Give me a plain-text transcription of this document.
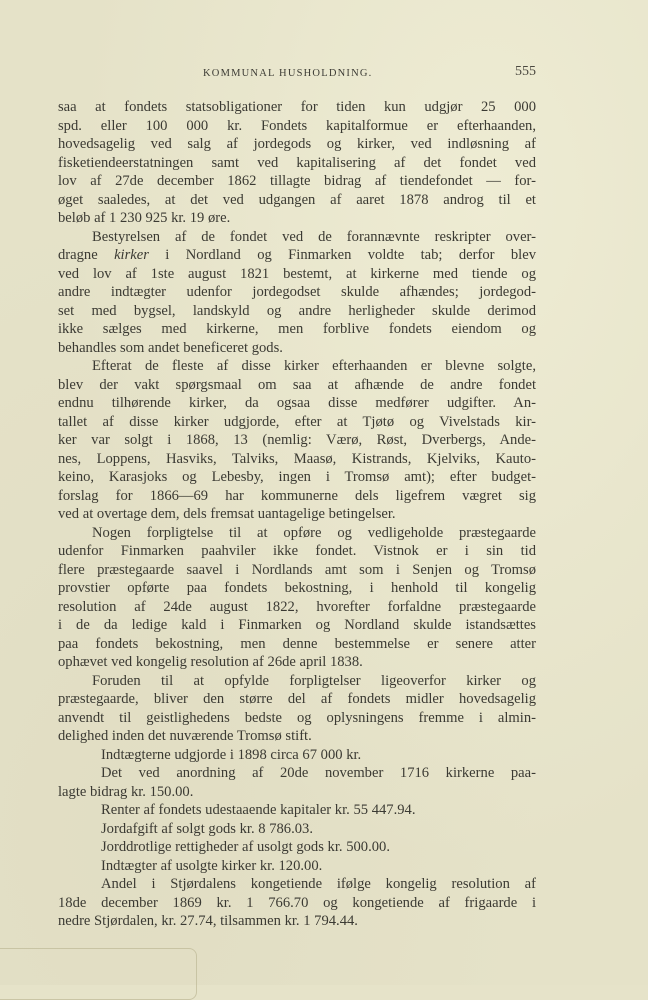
KOMMUNAL HUSHOLDNING.	555
saa at fondets statsobligationer for tiden kun udgjør 25 000
spd. eller 100 000 kr. Fondets kapitalformue er efterhaanden,
hovedsagelig ved salg af jordegods og kirker, ved indløsning af
fisketiendeerstatningen samt ved kapitalisering af det fondet ved
lov af 27de december 1862 tillagte bidrag af tiendefondet — for-
øget saaledes, at det ved udgangen af aaret 1878 androg til et
beløb af 1 230 925 kr. 19 øre.
Bestyrelsen af de fondet ved de forannævnte reskripter over-
dragne kirker i Nordland og Finmarken voldte tab; derfor blev
ved lov af 1ste august 1821 bestemt, at kirkerne med tiende og
andre indtægter udenfor jordegodset skulde afhændes; jordegod-
set med bygsel, landskyld og andre herligheder skulde derimod
ikke sælges med kirkerne, men forblive fondets eiendom og
behandles som andet beneficeret gods.
Efterat de fleste af disse kirker efterhaanden er blevne solgte,
blev der vakt spørgsmaal om saa at afhænde de andre fondet
endnu tilhørende kirker, da ogsaa disse medfører udgifter. An-
tallet af disse kirker udgjorde, efter at Tjøtø og Vivelstads kir-
ker var solgt i 1868, 13 (nemlig: Værø, Røst, Dverbergs, Ande-
nes, Loppens, Hasviks, Talviks, Maasø, Kistrands, Kjelviks, Kauto-
keino, Karasjoks og Lebesby, ingen i Tromsø amt); efter budget-
forslag for 1866—69 har kommunerne dels ligefrem vægret sig
ved at overtage dem, dels fremsat uantagelige betingelser.
Nogen forpligtelse til at opføre og vedligeholde præstegaarde
udenfor Finmarken paahviler ikke fondet. Vistnok er i sin tid
flere præstegaarde saavel i Nordlands amt som i Senjen og Tromsø
provstier opførte paa fondets bekostning, i henhold til kongelig
resolution af 24de august 1822, hvorefter forfaldne præstegaarde
i de da ledige kald i Finmarken og Nordland skulde istandsættes
paa fondets bekostning, men denne bestemmelse er senere atter
ophævet ved kongelig resolution af 26de april 1838.
Foruden til at opfylde forpligtelser ligeoverfor kirker og
præstegaarde, bliver den større del af fondets midler hovedsagelig
anvendt til geistlighedens bedste og oplysningens fremme i almin-
delighed inden det nuværende Tromsø stift.
Indtægterne udgjorde i 1898 circa 67 000 kr.
Det ved anordning af 20de november 1716 kirkerne paa-
lagte bidrag kr. 150.00.
Renter af fondets udestaaende kapitaler kr. 55 447.94.
Jordafgift af solgt gods kr. 8 786.03.
Jorddrotlige rettigheder af usolgt gods kr. 500.00.
Indtægter af usolgte kirker kr. 120.00.
Andel i Stjørdalens kongetiende ifølge kongelig resolution af
18de december 1869 kr. 1 766.70 og kongetiende af frigaarde i
nedre Stjørdalen, kr. 27.74, tilsammen kr. 1 794.44.
